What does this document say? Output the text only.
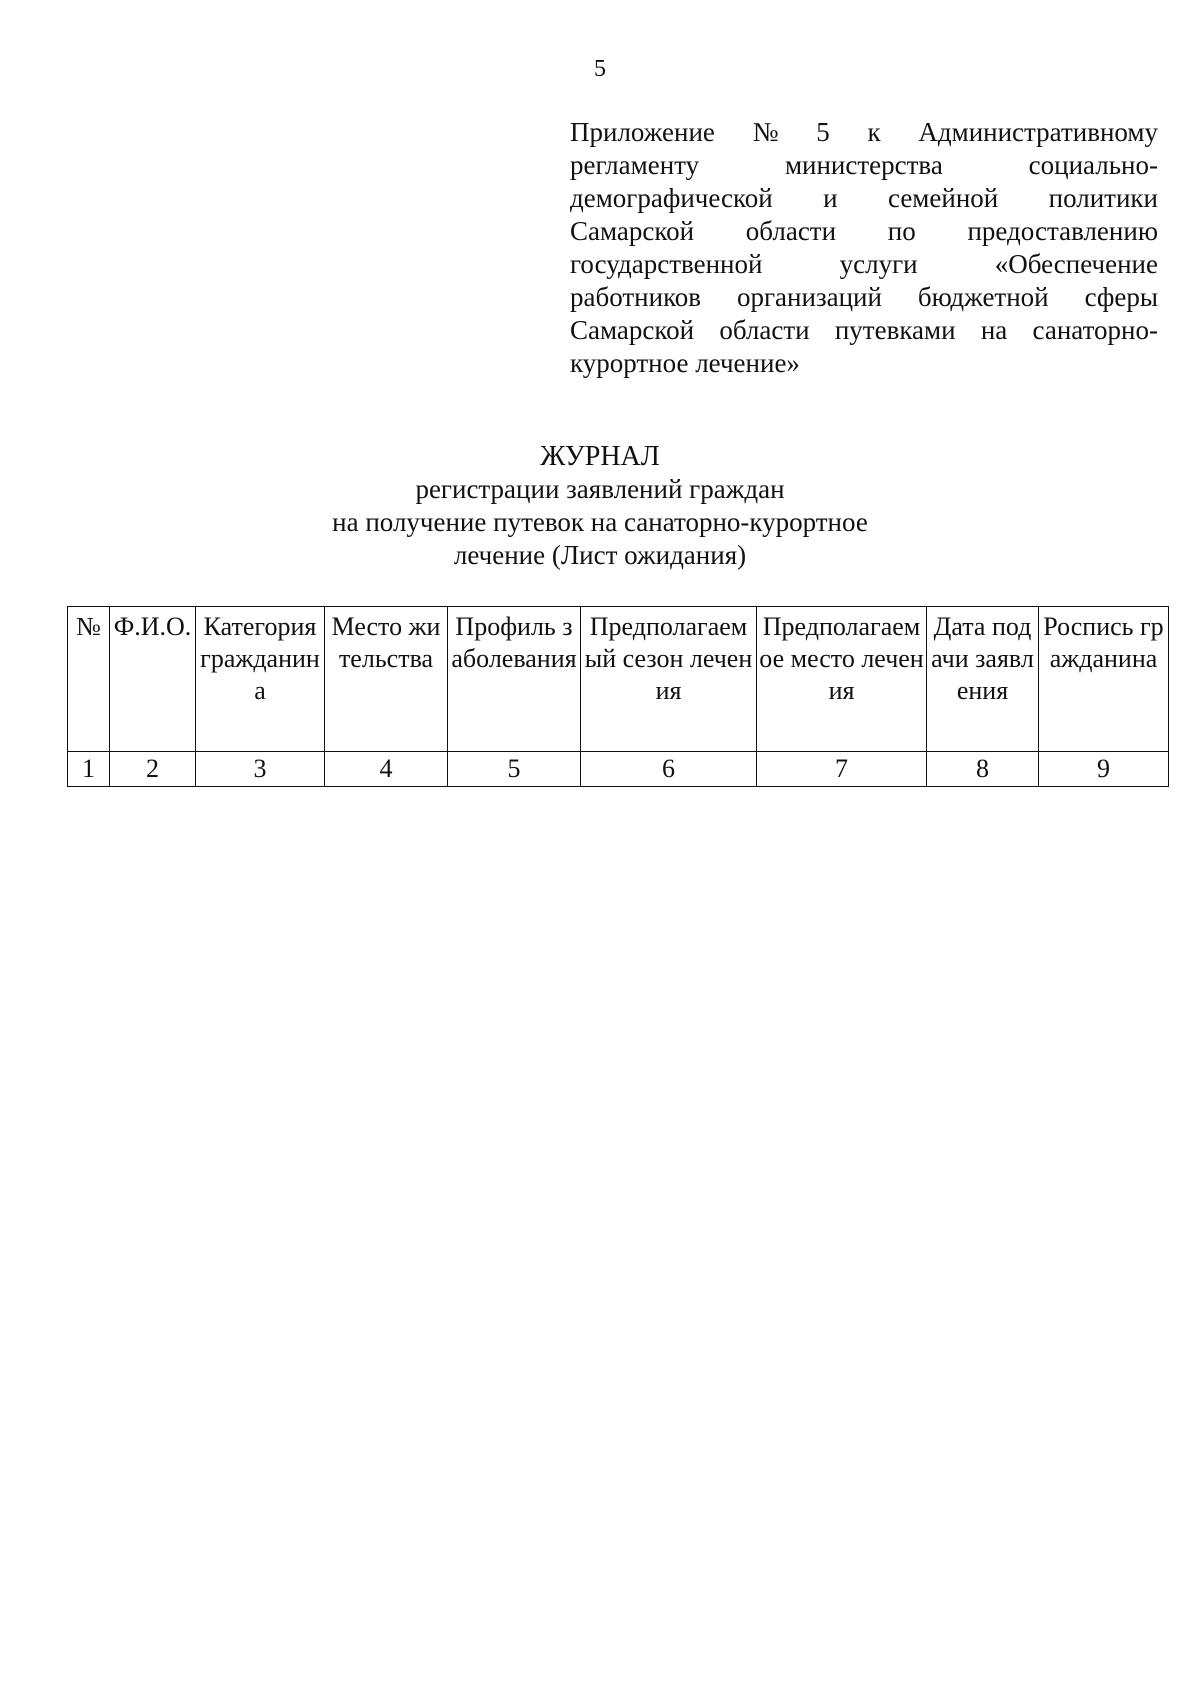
5
Приложение № 5 к Административному
регламенту	министерства	социально-
демографической и семейной политики
Самарской области по предоставлению
государственной	услуги	«Обеспечение
работников организаций бюджетной сферы
Самарской области путевками на санаторно-
курортное лечение»
ЖУРНАЛ
регистрации заявлений граждан
на получение путевок на санаторно-курортное
лечение (Лист ожидания)
№	Ф.И.О.	Категория гражданина	Место жительства	Профиль заболевания	Предполагаемый сезон лечения	Предполагаемое место лечения	Дата подачи заявления	Роспись гражданина
1	2	3	4	5	6	7	8	9
